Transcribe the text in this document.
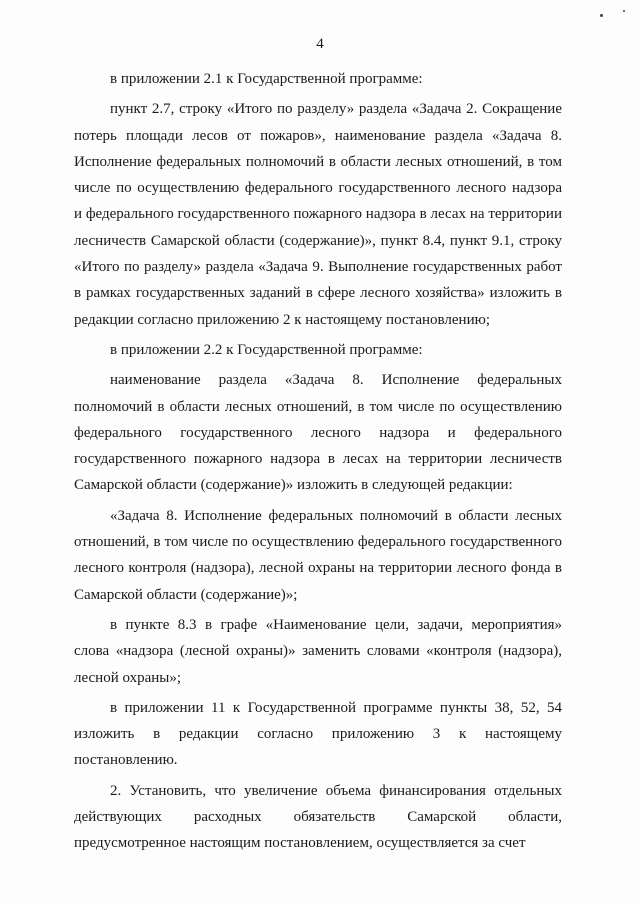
4

в приложении 2.1 к Государственной программе:

пункт 2.7, строку «Итого по разделу» раздела «Задача 2. Сокращение потерь площади лесов от пожаров», наименование раздела «Задача 8. Исполнение федеральных полномочий в области лесных отношений, в том числе по осуществлению федерального государственного лесного надзора и федерального государственного пожарного надзора в лесах на территории лесничеств Самарской области (содержание)», пункт 8.4, пункт 9.1, строку «Итого по разделу» раздела «Задача 9. Выполнение государственных работ в рамках государственных заданий в сфере лесного хозяйства» изложить в редакции согласно приложению 2 к настоящему постановлению;

в приложении 2.2 к Государственной программе:

наименование раздела «Задача 8. Исполнение федеральных полномочий в области лесных отношений, в том числе по осуществлению федерального государственного лесного надзора и федерального государственного пожарного надзора в лесах на территории лесничеств Самарской области (содержание)» изложить в следующей редакции:

«Задача 8. Исполнение федеральных полномочий в области лесных отношений, в том числе по осуществлению федерального государственного лесного контроля (надзора), лесной охраны на территории лесного фонда в Самарской области (содержание)»;

в пункте 8.3 в графе «Наименование цели, задачи, мероприятия» слова «надзора (лесной охраны)» заменить словами «контроля (надзора), лесной охраны»;

в приложении 11 к Государственной программе пункты 38, 52, 54 изложить в редакции согласно приложению 3 к настоящему постановлению.

2. Установить, что увеличение объема финансирования отдельных действующих расходных обязательств Самарской области, предусмотренное настоящим постановлением, осуществляется за счет
